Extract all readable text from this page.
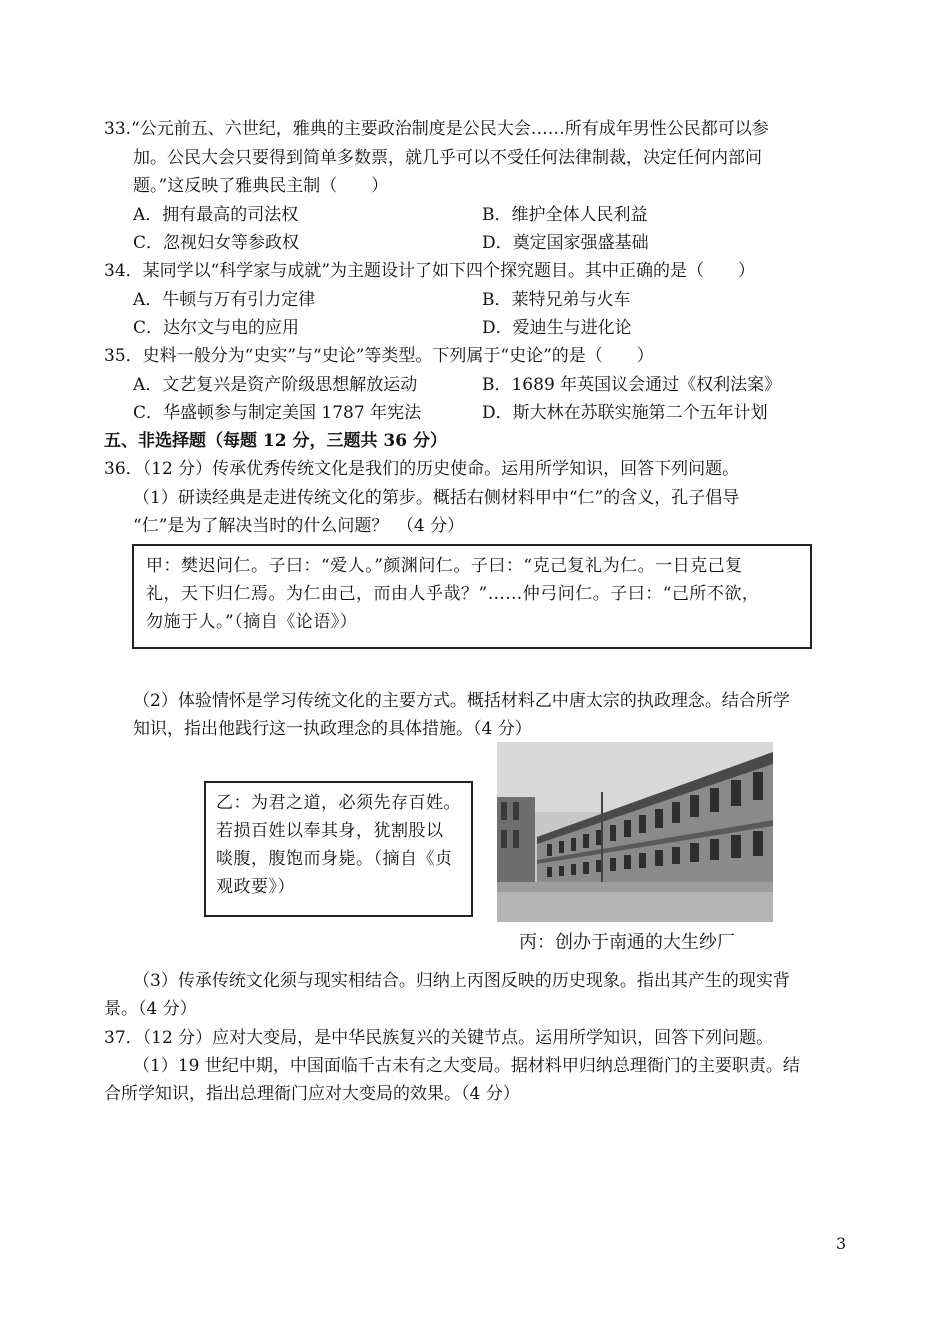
33.“公元前五、六世纪，雅典的主要政治制度是公民大会……所有成年男性公民都可以参
加。公民大会只要得到简单多数票，就几乎可以不受任何法律制裁，决定任何内部问
题。”这反映了雅典民主制（　　）
A．拥有最高的司法权	B．维护全体人民利益
C．忽视妇女等参政权	D．奠定国家强盛基础
34．某同学以“科学家与成就”为主题设计了如下四个探究题目。其中正确的是（　　）
A．牛顿与万有引力定律	B．莱特兄弟与火车
C．达尔文与电的应用	D．爱迪生与进化论
35．史料一般分为“史实”与“史论”等类型。下列属于“史论”的是（　　）
A．文艺复兴是资产阶级思想解放运动	B．1689 年英国议会通过《权利法案》
C．华盛顿参与制定美国 1787 年宪法	D．斯大林在苏联实施第二个五年计划
五、非选择题（每题 12 分，三题共 36 分）
36．（12 分）传承优秀传统文化是我们的历史使命。运用所学知识，回答下列问题。
（1）研读经典是走进传统文化的第步。概括右侧材料甲中“仁”的含义，孔子倡导
“仁”是为了解决当时的什么问题？　（4 分）
甲：樊迟问仁。子曰：“爱人。”颜渊问仁。子曰：“克己复礼为仁。一日克己复
礼，天下归仁焉。为仁由己，而由人乎哉？”……仲弓问仁。子曰：“己所不欲，
勿施于人。”（摘自《论语》）
（2）体验情怀是学习传统文化的主要方式。概括材料乙中唐太宗的执政理念。结合所学
知识，指出他践行这一执政理念的具体措施。（4 分）
乙：为君之道，必须先存百姓。
若损百姓以奉其身，犹割股以
啖腹，腹饱而身毙。（摘自《贞
观政要》）
丙：创办于南通的大生纱厂
（3）传承传统文化须与现实相结合。归纳上丙图反映的历史现象。指出其产生的现实背
景。（4 分）
37．（12 分）应对大变局，是中华民族复兴的关键节点。运用所学知识，回答下列问题。
（1）19 世纪中期，中国面临千古未有之大变局。据材料甲归纳总理衙门的主要职责。结
合所学知识，指出总理衙门应对大变局的效果。（4 分）
3
